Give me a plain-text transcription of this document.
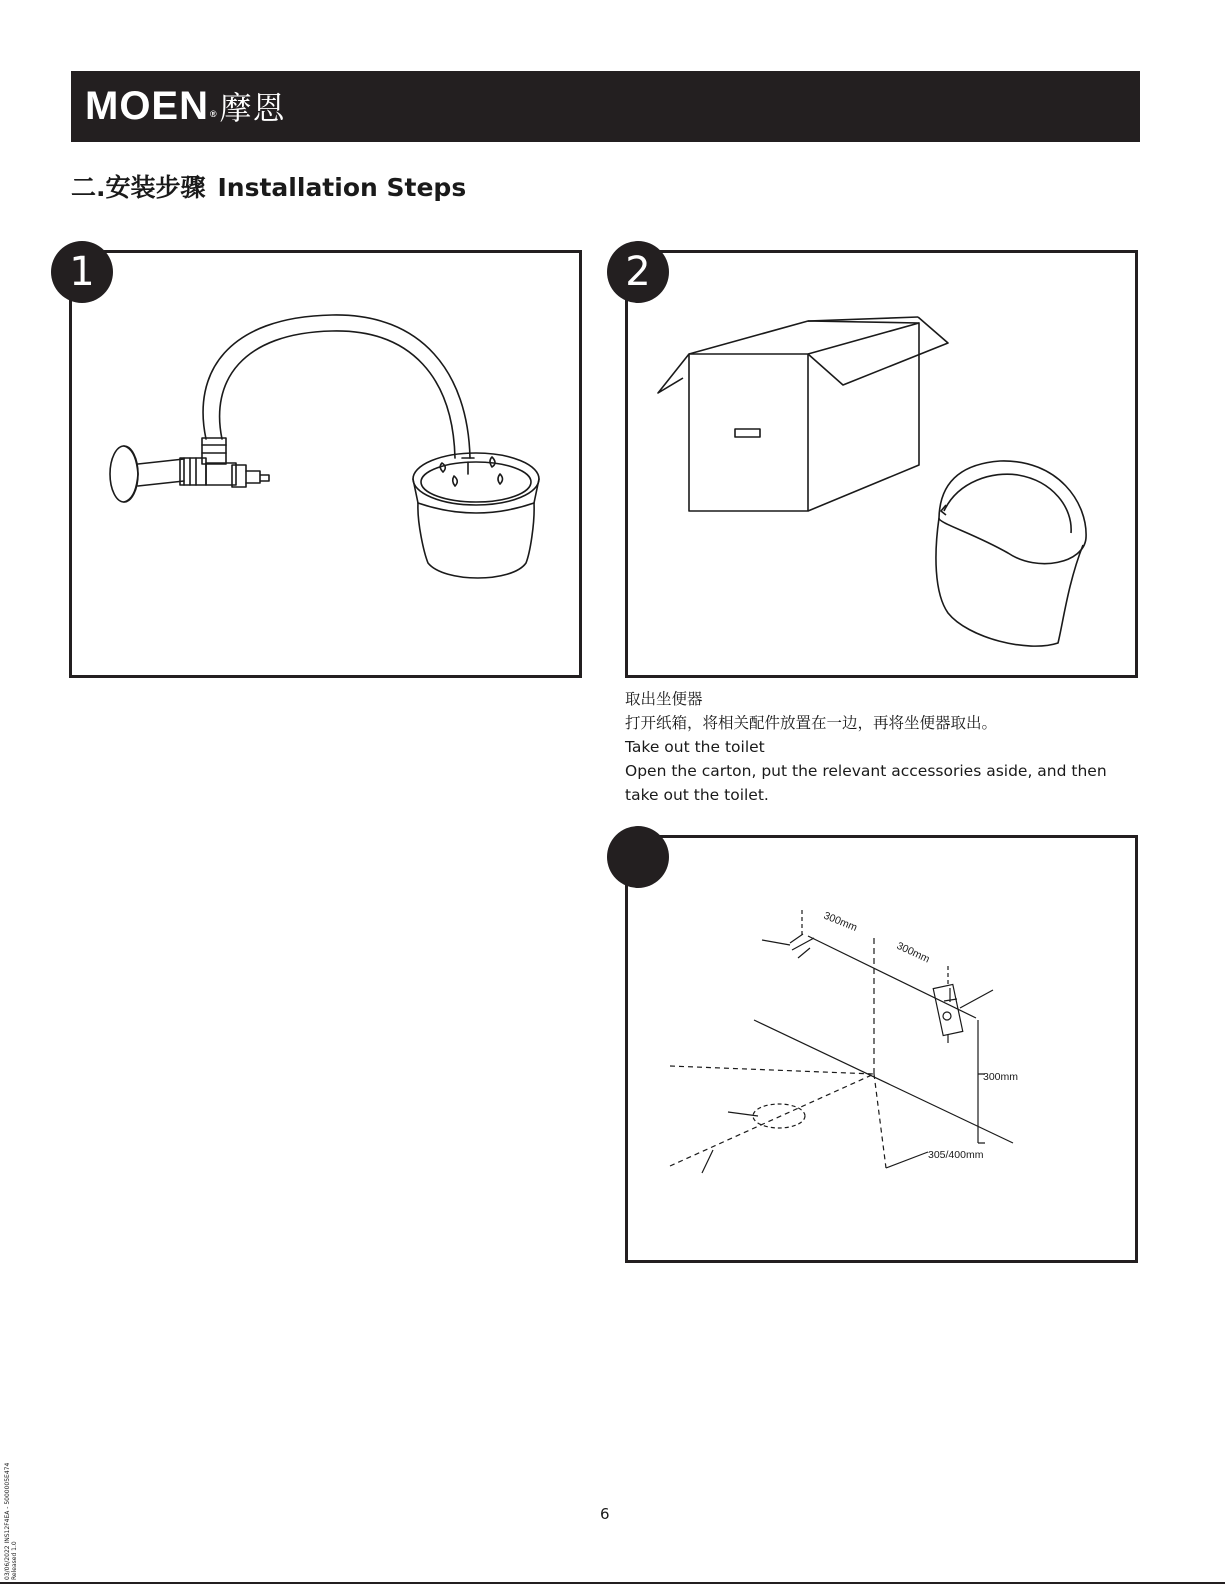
MOEN®摩恩
二.安装步骤 Installation Steps
1	2
取出坐便器
打开纸箱，将相关配件放置在一边，再将坐便器取出。
Take out the toilet
Open the carton, put the relevant accessories aside, and then
take out the toilet.
300mm
300mm
300mm
305/400mm
6
03/06/2022 INS12F4EA - 5000005E474 Released 1.0
